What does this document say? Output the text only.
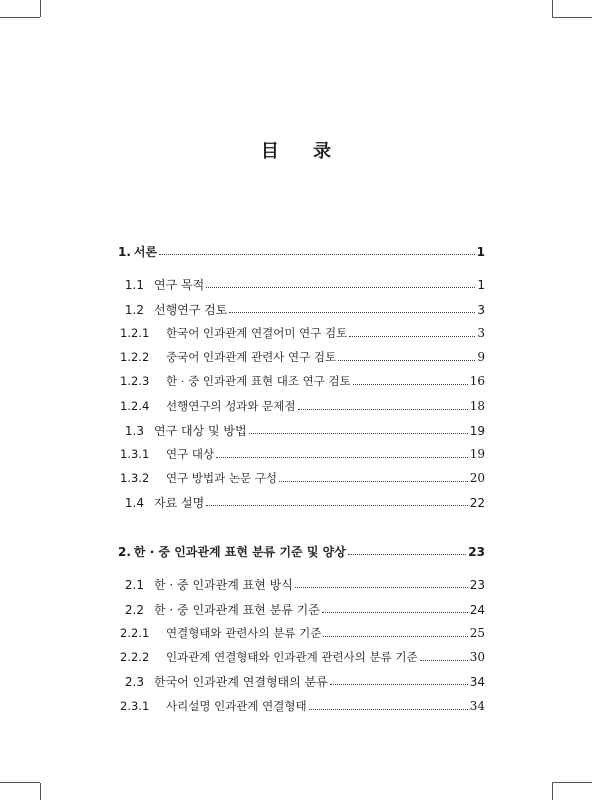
目 录
1. 서론	1
1.1 연구 목적	1
1.2 선행연구 검토	3
1.2.1	한국어 인과관계 연결어미 연구 검토	3
1.2.2	중국어 인과관계 관련사 연구 검토	9
1.2.3	한 · 중 인과관계 표현 대조 연구 검토	16
1.2.4	선행연구의 성과와 문제점	18
1.3 연구 대상 및 방법	19
1.3.1	연구 대상	19
1.3.2	연구 방법과 논문 구성	20
1.4 자료 설명	22
2. 한 · 중 인과관계 표현 분류 기준 및 양상	23
2.1 한 · 중 인과관계 표현 방식	23
2.2 한 · 중 인과관계 표현 분류 기준	24
2.2.1	연결형태와 관련사의 분류 기준	25
2.2.2	인과관계 연결형태와 인과관계 관련사의 분류 기준	30
2.3 한국어 인과관계 연결형태의 분류	34
2.3.1	사리설명 인과관계 연결형태	34
